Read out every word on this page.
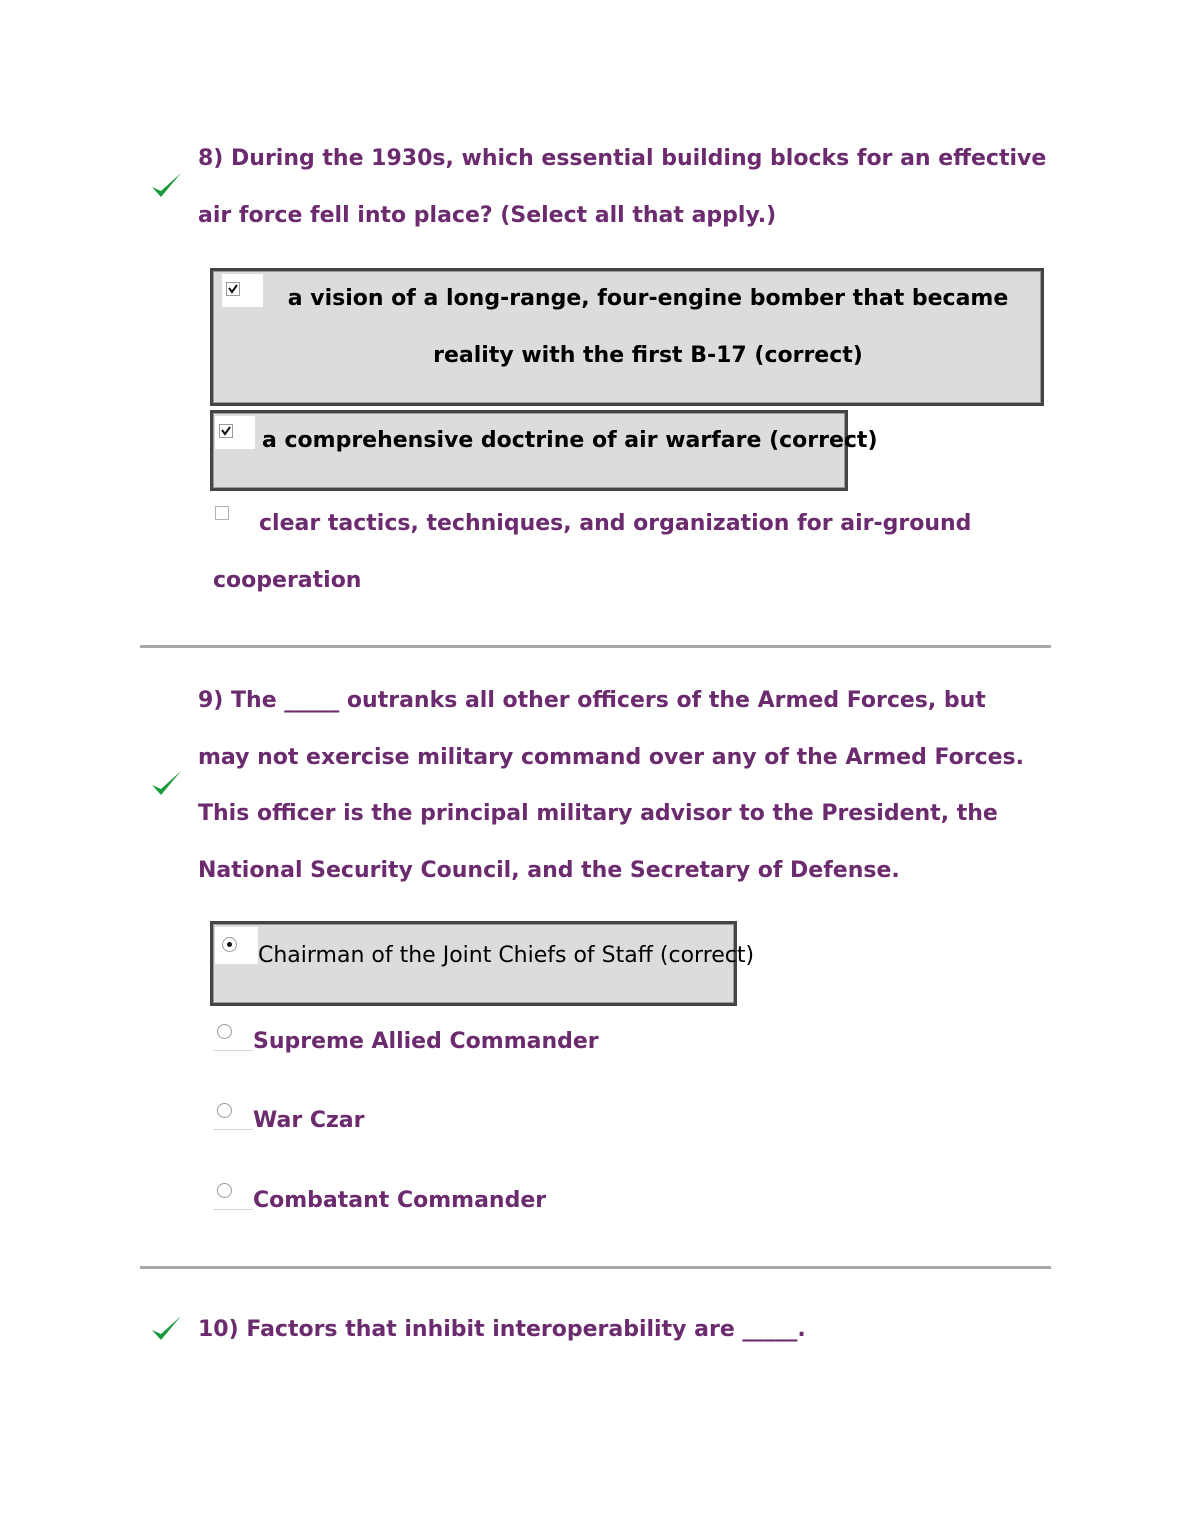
8) During the 1930s, which essential building blocks for an effective air force fell into place? (Select all that apply.)
a vision of a long-range, four-engine bomber that became reality with the first B-17 (correct)
a comprehensive doctrine of air warfare (correct)
clear tactics, techniques, and organization for air-ground cooperation
9) The _____ outranks all other officers of the Armed Forces, but may not exercise military command over any of the Armed Forces. This officer is the principal military advisor to the President, the National Security Council, and the Secretary of Defense.
Chairman of the Joint Chiefs of Staff (correct)
Supreme Allied Commander
War Czar
Combatant Commander
10) Factors that inhibit interoperability are _____.
